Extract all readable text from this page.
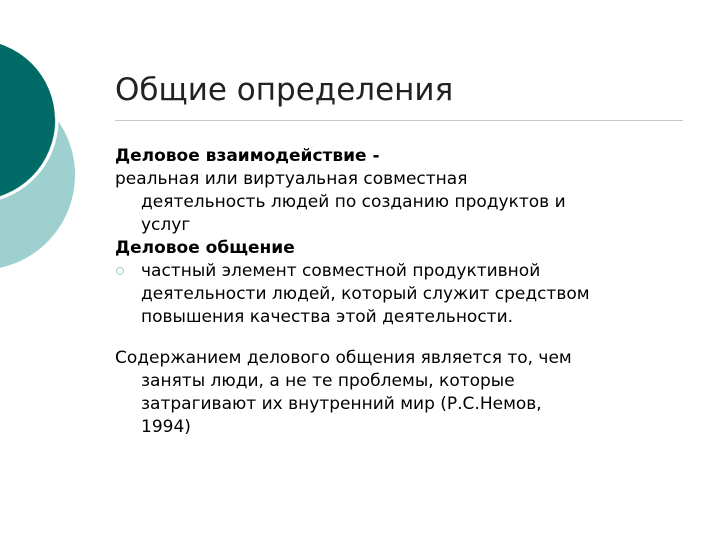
Общие определения
Деловое взаимодействие -
реальная или виртуальная совместная
деятельность людей по созданию продуктов и
услуг
Деловое общение
частный элемент совместной продуктивной
деятельности людей, который служит средством
повышения качества этой деятельности.
Содержанием делового общения является то, чем
заняты люди, а не те проблемы, которые
затрагивают их внутренний мир (Р.С.Немов,
1994)
